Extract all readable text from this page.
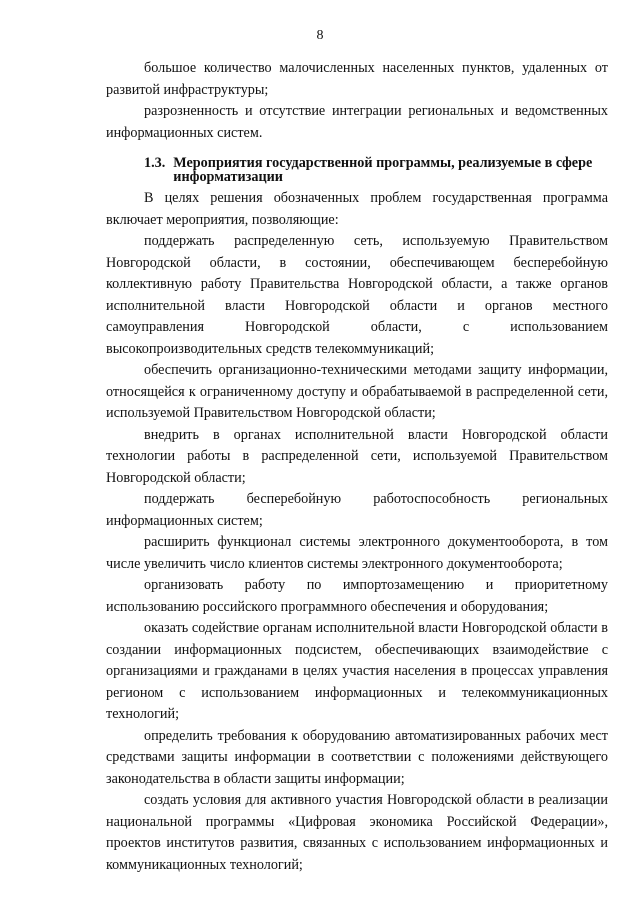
8

большое количество малочисленных населенных пунктов, удаленных от развитой инфраструктуры;

разрозненность и отсутствие интеграции региональных и ведомственных информационных систем.

1.3. Мероприятия государственной программы, реализуемые в сфере информатизации

В целях решения обозначенных проблем государственная программа включает мероприятия, позволяющие:

поддержать распределенную сеть, используемую Правительством Новгородской области, в состоянии, обеспечивающем бесперебойную коллективную работу Правительства Новгородской области, а также органов исполнительной власти Новгородской области и органов местного самоуправления Новгородской области, с использованием высокопроизводительных средств телекоммуникаций;

обеспечить организационно-техническими методами защиту информации, относящейся к ограниченному доступу и обрабатываемой в распределенной сети, используемой Правительством Новгородской области;

внедрить в органах исполнительной власти Новгородской области технологии работы в распределенной сети, используемой Правительством Новгородской области;

поддержать бесперебойную работоспособность региональных информационных систем;

расширить функционал системы электронного документооборота, в том числе увеличить число клиентов системы электронного документооборота;

организовать работу по импортозамещению и приоритетному использованию российского программного обеспечения и оборудования;

оказать содействие органам исполнительной власти Новгородской области в создании информационных подсистем, обеспечивающих взаимодействие с организациями и гражданами в целях участия населения в процессах управления регионом с использованием информационных и телекоммуникационных технологий;

определить требования к оборудованию автоматизированных рабочих мест средствами защиты информации в соответствии с положениями действующего законодательства в области защиты информации;

создать условия для активного участия Новгородской области в реализации национальной программы «Цифровая экономика Российской Федерации», проектов институтов развития, связанных с использованием информационных и коммуникационных технологий;
